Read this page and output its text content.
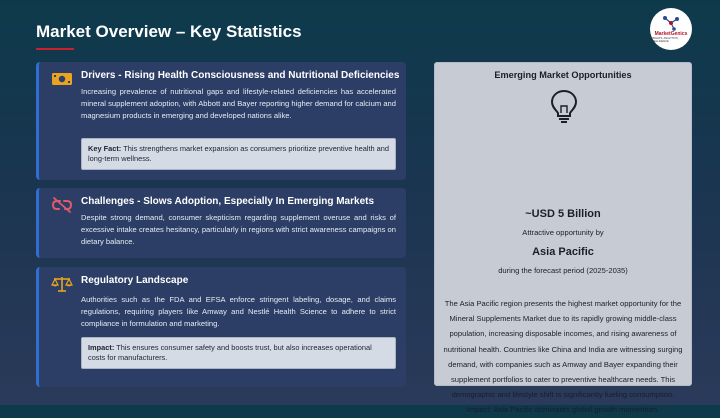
Market Overview – Key Statistics	MarketGenics
INSIGHTS, ANALYTICS, INTELLIGENCE
Drivers - Rising Health Consciousness and Nutritional Deficiencies

Increasing prevalence of nutritional gaps and lifestyle-related deficiencies has accelerated mineral supplement adoption, with Abbott and Bayer reporting higher demand for calcium and magnesium products in emerging and developed nations alike.

Key Fact: This strengthens market expansion as consumers prioritize preventive health and long-term wellness.
Challenges - Slows Adoption, Especially In Emerging Markets

Despite strong demand, consumer skepticism regarding supplement overuse and risks of excessive intake creates hesitancy, particularly in regions with strict awareness campaigns on dietary balance.

Regulatory Landscape

Authorities such as the FDA and EFSA enforce stringent labeling, dosage, and claims regulations, requiring players like Amway and Nestlé Health Science to adhere to strict compliance in formulation and marketing.

Impact: This ensures consumer safety and boosts trust, but also increases operational costs for manufacturers.
Emerging Market Opportunities
~USD 5 Billion
Attractive opportunity by
Asia Pacific
during the forecast period (2025-2035)
The Asia Pacific region presents the highest market opportunity for the Mineral Supplements Market due to its rapidly growing middle-class population, increasing disposable incomes, and rising awareness of nutritional health. Countries like China and India are witnessing surging demand, with companies such as Amway and Bayer expanding their supplement portfolios to cater to preventive healthcare needs. This demographic and lifestyle shift is significantly fueling consumption. Impact: Asia Pacific dominates global growth momentum.
